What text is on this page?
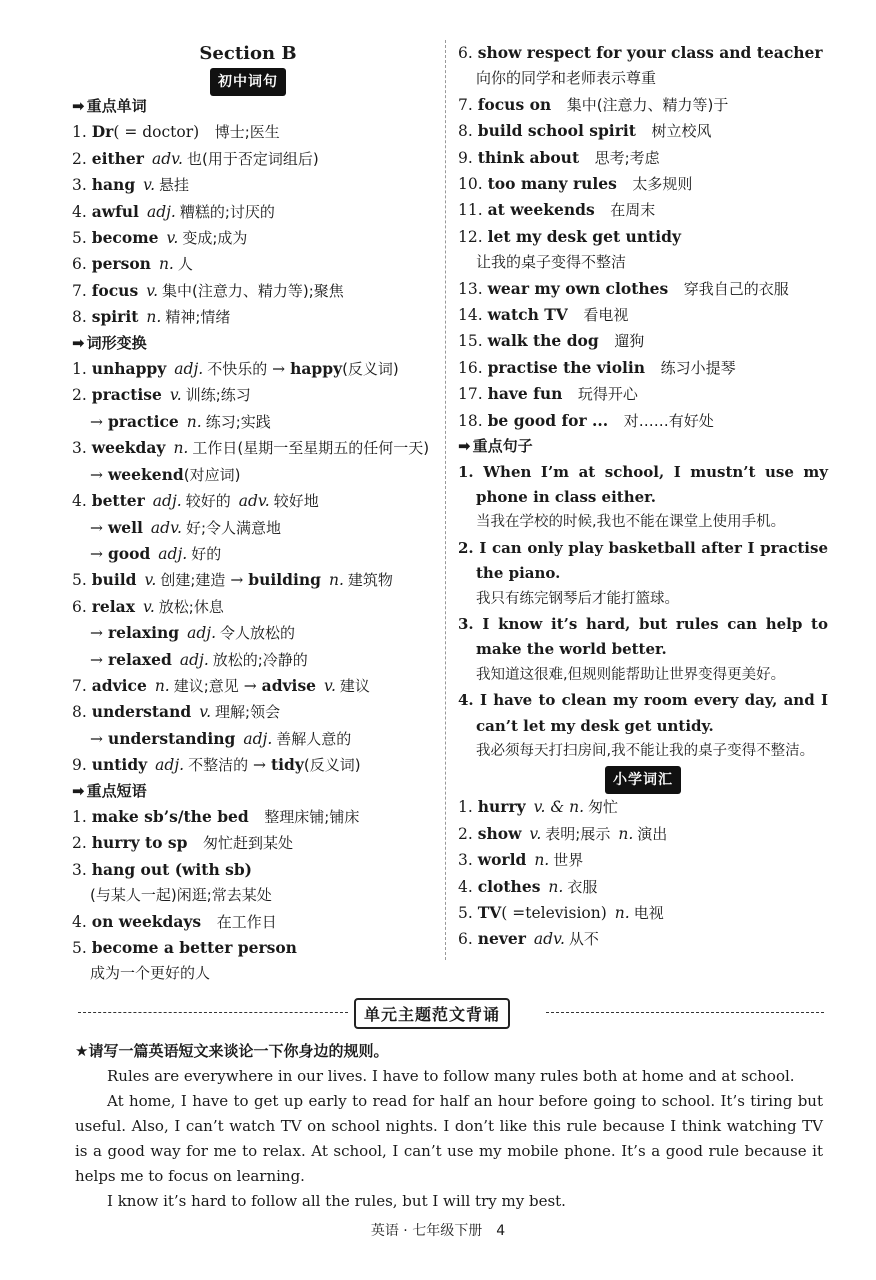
Section B
初中词句
➡ 重点单词
1. Dr( = doctor)　 博士;医生
2. either adv. 也(用于否定词组后)
3. hang v. 悬挂
4. awful adj. 糟糕的;讨厌的
5. become v. 变成;成为
6. person n. 人
7. focus v. 集中(注意力、精力等);聚焦
8. spirit n. 精神;情绪
➡ 词形变换
1. unhappy adj. 不快乐的 → happy(反义词)
2. practise v. 训练;练习
→ practice n. 练习;实践
3. weekday n. 工作日(星期一至星期五的任何一天)
→ weekend(对应词)
4. better adj. 较好的 adv. 较好地
→ well adv. 好;令人满意地
→ good adj. 好的
5. build v. 创建;建造 → building n. 建筑物
6. relax v. 放松;休息
→ relaxing adj. 令人放松的
→ relaxed adj. 放松的;冷静的
7. advice n. 建议;意见 → advise v. 建议
8. understand v. 理解;领会
→ understanding adj. 善解人意的
9. untidy adj. 不整洁的 → tidy(反义词)
➡ 重点短语
1. make sb’s/the bed　 整理床铺;铺床
2. hurry to sp　 匆忙赶到某处
3. hang out (with sb)
(与某人一起)闲逛;常去某处
4. on weekdays　 在工作日
5. become a better person
成为一个更好的人
6. show respect for your class and teacher
向你的同学和老师表示尊重
7. focus on　 集中(注意力、精力等)于
8. build school spirit　 树立校风
9. think about　 思考;考虑
10. too many rules　 太多规则
11. at weekends　 在周末
12. let my desk get untidy
让我的桌子变得不整洁
13. wear my own clothes　 穿我自己的衣服
14. watch TV　 看电视
15. walk the dog　 遛狗
16. practise the violin　 练习小提琴
17. have fun　 玩得开心
18. be good for ...　 对……有好处
➡ 重点句子
1. When I’m at school, I mustn’t use my phone in class either.
当我在学校的时候,我也不能在课堂上使用手机。
2. I can only play basketball after I practise the piano.
我只有练完钢琴后才能打篮球。
3. I know it’s hard, but rules can help to make the world better.
我知道这很难,但规则能帮助让世界变得更美好。
4. I have to clean my room every day, and I can’t let my desk get untidy.
我必须每天打扫房间,我不能让我的桌子变得不整洁。
小学词汇
1. hurry v. & n. 匆忙
2. show v. 表明;展示 n. 演出
3. world n. 世界
4. clothes n. 衣服
5. TV( =television) n. 电视
6. never adv. 从不
单元主题范文背诵
★请写一篇英语短文来谈论一下你身边的规则。

Rules are everywhere in our lives. I have to follow many rules both at home and at school.

At home, I have to get up early to read for half an hour before going to school. It’s tiring but useful. Also, I can’t watch TV on school nights. I don’t like this rule because I think watching TV is a good way for me to relax. At school, I can’t use my mobile phone. It’s a good rule because it helps me to focus on learning.

I know it’s hard to follow all the rules, but I will try my best.

英语 · 七年级下册　4
